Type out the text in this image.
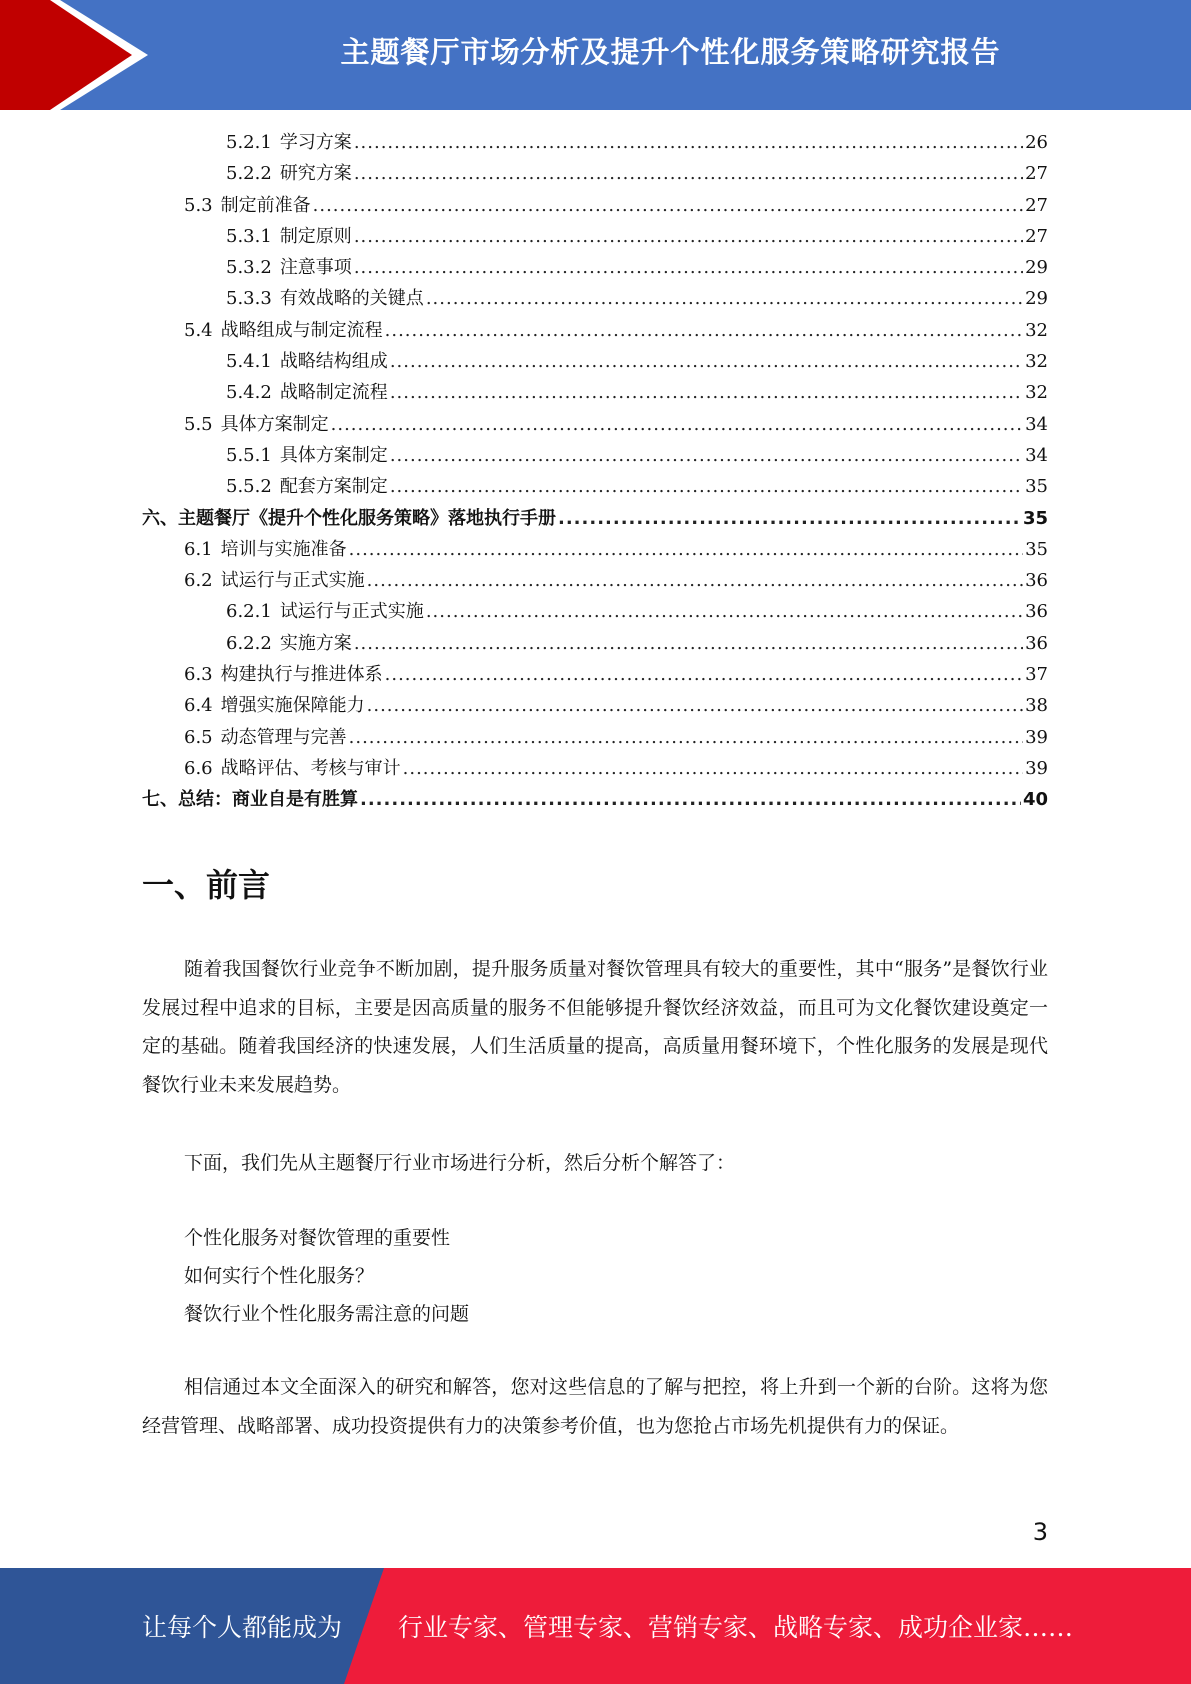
主题餐厅市场分析及提升个性化服务策略研究报告
5.2.1 学习方案 .....	26
5.2.2 研究方案 .....	27
5.3 制定前准备 .....	27
5.3.1 制定原则 .....	27
5.3.2 注意事项 .....	29
5.3.3 有效战略的关键点 .....	29
5.4 战略组成与制定流程 .....	32
5.4.1 战略结构组成 .....	32
5.4.2 战略制定流程 .....	32
5.5 具体方案制定 .....	34
5.5.1 具体方案制定 .....	34
5.5.2 配套方案制定 .....	35
六、主题餐厅《提升个性化服务策略》落地执行手册 .....	35
6.1 培训与实施准备 .....	35
6.2 试运行与正式实施 .....	36
6.2.1 试运行与正式实施 .....	36
6.2.2 实施方案 .....	36
6.3 构建执行与推进体系 .....	37
6.4 增强实施保障能力 .....	38
6.5 动态管理与完善 .....	39
6.6 战略评估、考核与审计 .....	39
七、总结：商业自是有胜算 .....	40
一、前言
随着我国餐饮行业竞争不断加剧，提升服务质量对餐饮管理具有较大的重要性，其中“服务”是餐饮行业发展过程中追求的目标，主要是因高质量的服务不但能够提升餐饮经济效益，而且可为文化餐饮建设奠定一定的基础。随着我国经济的快速发展，人们生活质量的提高，高质量用餐环境下，个性化服务的发展是现代餐饮行业未来发展趋势。
下面，我们先从主题餐厅行业市场进行分析，然后分析个解答了：
个性化服务对餐饮管理的重要性
如何实行个性化服务？
餐饮行业个性化服务需注意的问题
相信通过本文全面深入的研究和解答，您对这些信息的了解与把控，将上升到一个新的台阶。这将为您经营管理、战略部署、成功投资提供有力的决策参考价值，也为您抢占市场先机提供有力的保证。
3
让每个人都能成为 行业专家、管理专家、营销专家、战略专家、成功企业家……
